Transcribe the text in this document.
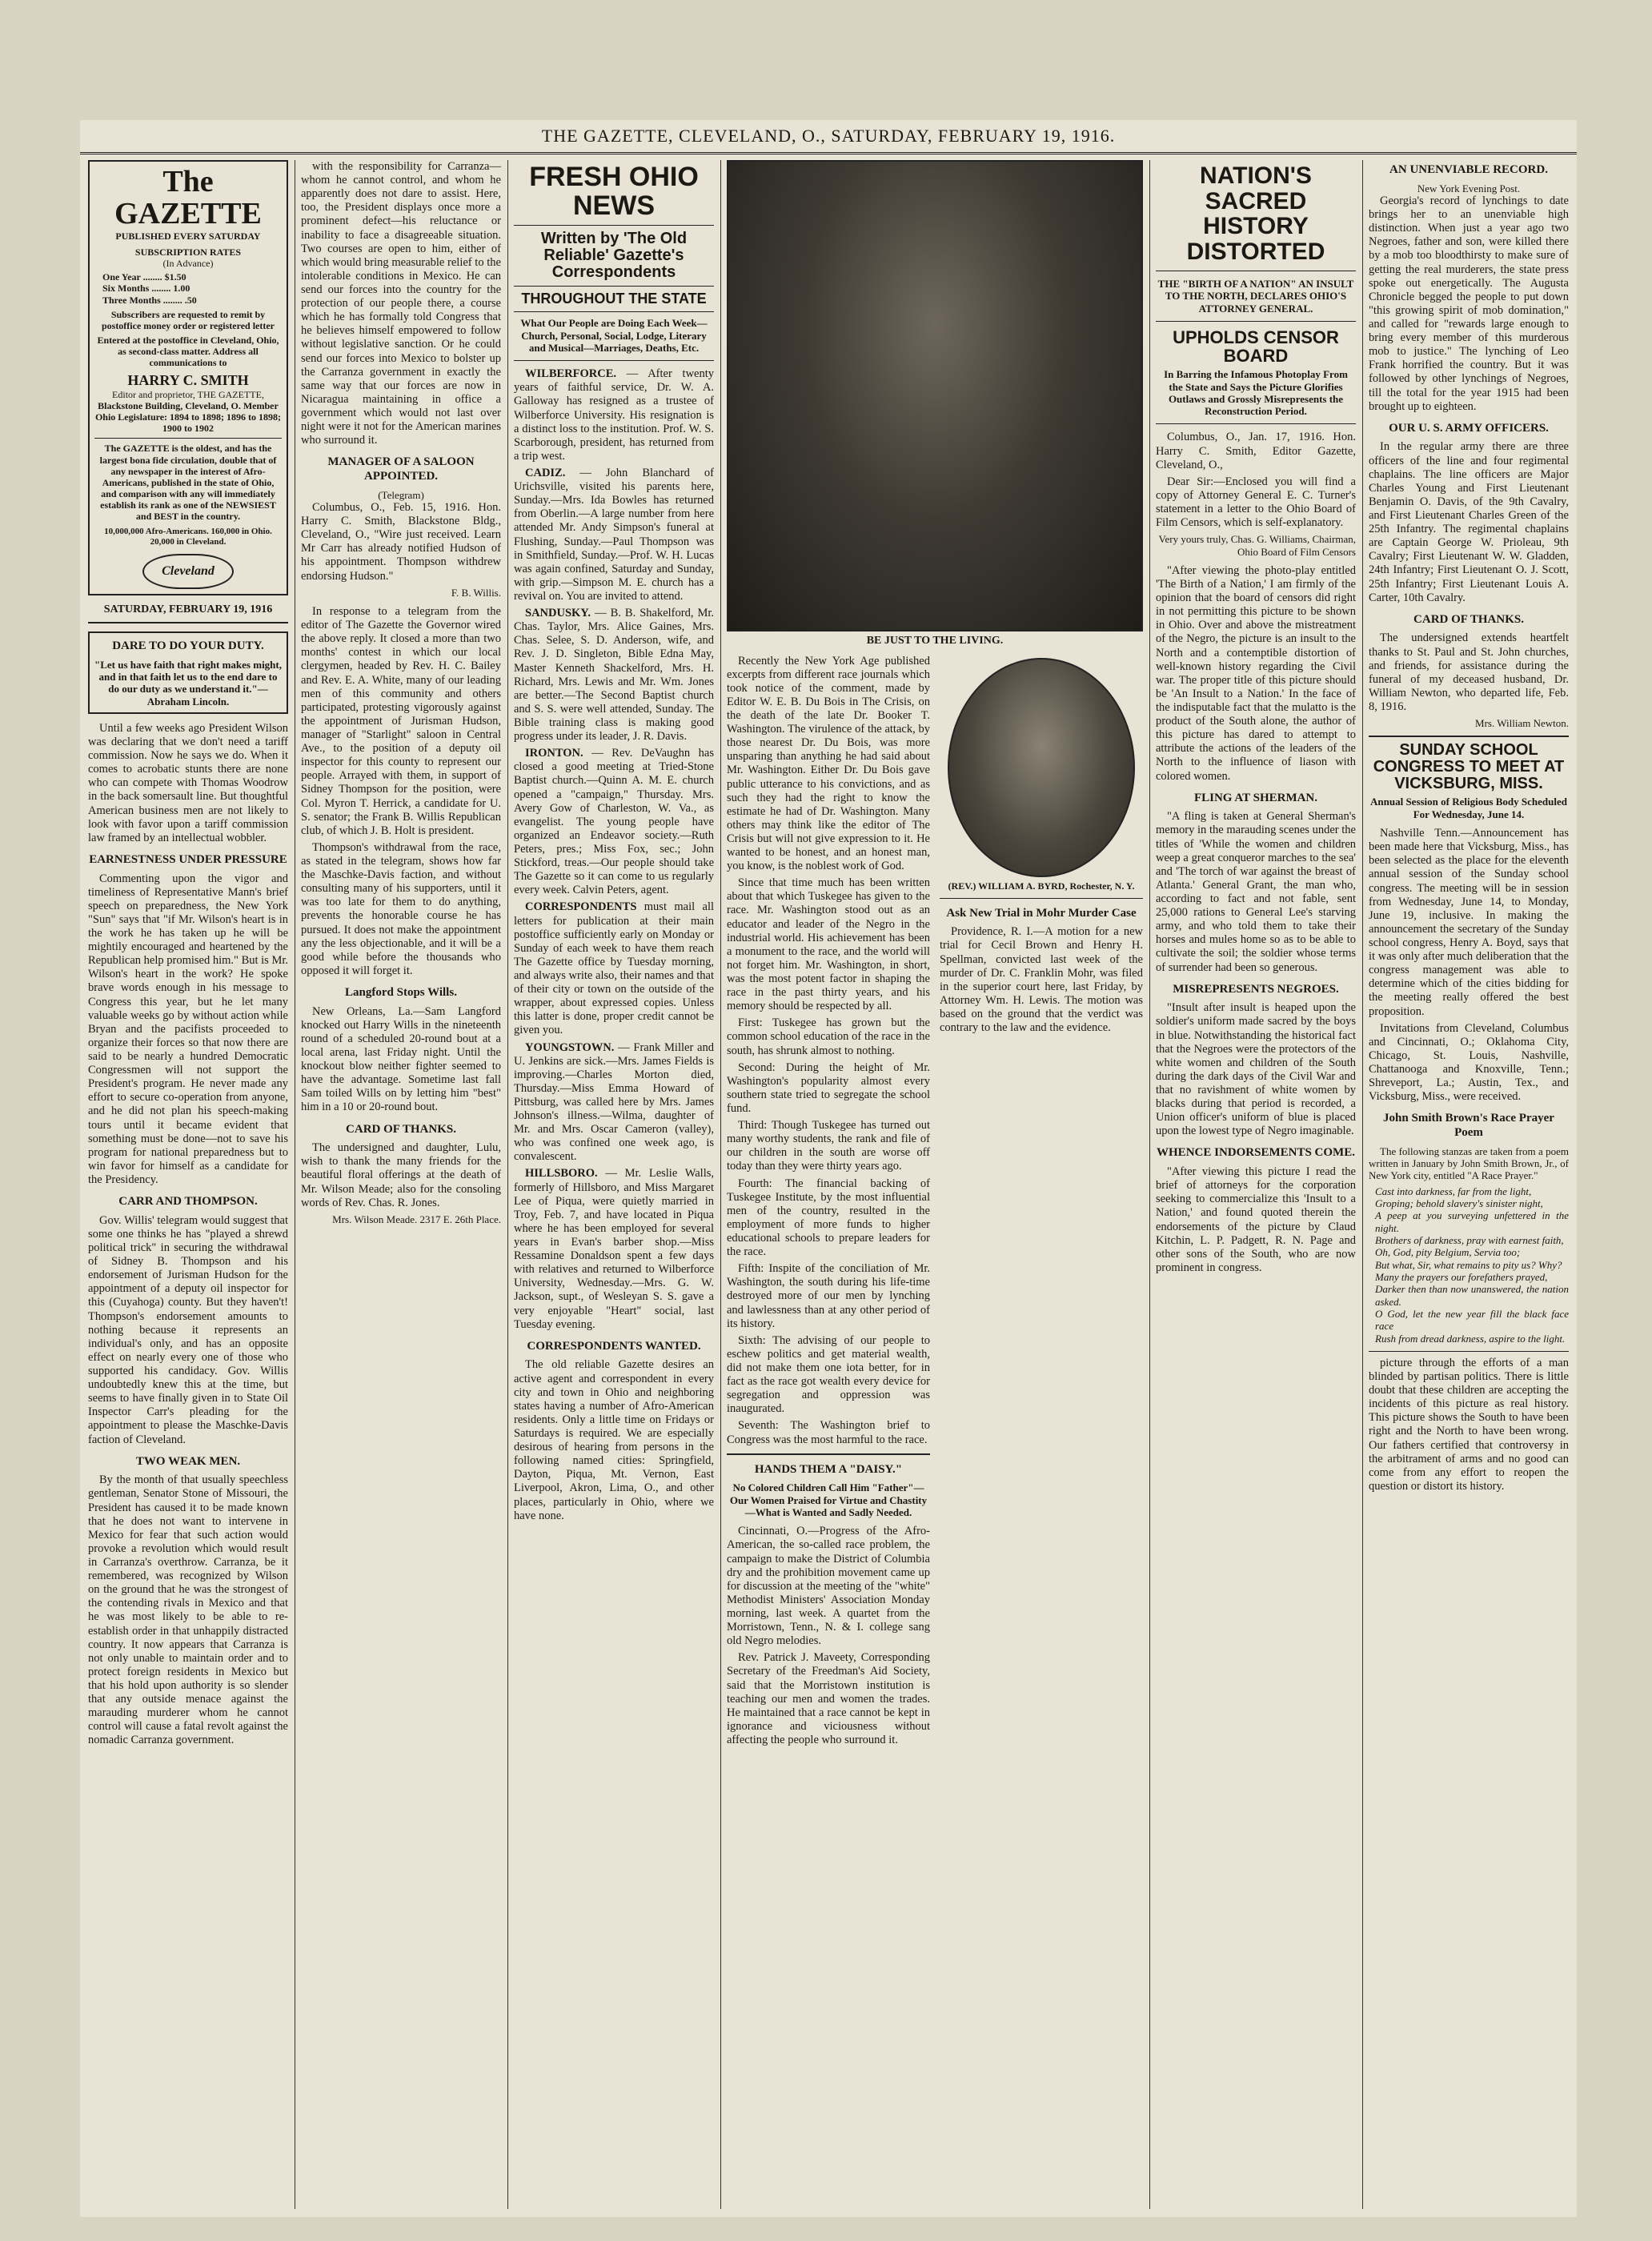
THE GAZETTE, CLEVELAND, O., SATURDAY, FEBRUARY 19, 1916.
The GAZETTE
PUBLISHED EVERY SATURDAY
SUBSCRIPTION RATES
(In Advance)
One Year ........ $1.50
Six Months ........ 1.00
Three Months ........ .50
Subscribers are requested to remit by postoffice money order or registered letter
Entered at the postoffice in Cleveland, Ohio, as second-class matter. Address all communications to
HARRY C. SMITH
Editor and proprietor, THE GAZETTE,
Blackstone Building, Cleveland, O. Member Ohio Legislature: 1894 to 1898; 1896 to 1898; 1900 to 1902
The GAZETTE is the oldest, and has the largest bona fide circulation, double that of any newspaper in the interest of Afro-Americans, published in the state of Ohio, and comparison with any will immediately establish its rank as one of the NEWSIEST and BEST in the country.
10,000,000 Afro-Americans. 160,000 in Ohio. 20,000 in Cleveland.
Cleveland
SATURDAY, FEBRUARY 19, 1916
DARE TO DO YOUR DUTY.
"Let us have faith that right makes might, and in that faith let us to the end dare to do our duty as we understand it."—Abraham Lincoln.

Until a few weeks ago President Wilson was declaring that we don't need a tariff commission. Now he says we do. When it comes to acrobatic stunts there are none who can compete with Thomas Woodrow in the back somersault line. But thoughtful American business men are not likely to look with favor upon a tariff commission law framed by an intellectual wobbler.

EARNESTNESS UNDER PRESSURE

Commenting upon the vigor and timeliness of Representative Mann's brief speech on preparedness, the New York "Sun" says that "if Mr. Wilson's heart is in the work he has taken up he will be mightily encouraged and heartened by the Republican help promised him." But is Mr. Wilson's heart in the work? He spoke brave words enough in his message to Congress this year, but he let many valuable weeks go by without action while Bryan and the pacifists proceeded to organize their forces so that now there are said to be nearly a hundred Democratic Congressmen will not support the President's program. He never made any effort to secure co-operation from anyone, and he did not plan his speech-making tours until it became evident that something must be done—not to save his program for national preparedness but to win favor for himself as a candidate for the Presidency.

CARR AND THOMPSON.

Gov. Willis' telegram would suggest that some one thinks he has "played a shrewd political trick" in securing the withdrawal of Sidney B. Thompson and his endorsement of Jurisman Hudson for the appointment of a deputy oil inspector for this (Cuyahoga) county. But they haven't! Thompson's endorsement amounts to nothing because it represents an individual's only, and has an opposite effect on nearly every one of those who supported his candidacy. Gov. Willis undoubtedly knew this at the time, but seems to have finally given in to State Oil Inspector Carr's pleading for the appointment to please the Maschke-Davis faction of Cleveland.

TWO WEAK MEN.

By the month of that usually speechless gentleman, Senator Stone of Missouri, the President has caused it to be made known that he does not want to intervene in Mexico for fear that such action would provoke a revolution which would result in Carranza's overthrow. Carranza, be it remembered, was recognized by Wilson on the ground that he was the strongest of the contending rivals in Mexico and that he was most likely to be able to re-establish order in that unhappily distracted country. It now appears that Carranza is not only unable to maintain order and to protect foreign residents in Mexico but that his hold upon authority is so slender that any outside menace against the marauding murderer whom he cannot control will cause a fatal revolt against the nomadic Carranza government.

with the responsibility for Carranza—whom he cannot control, and whom he apparently does not dare to assist. Here, too, the President displays once more a prominent defect—his reluctance or inability to face a disagreeable situation. Two courses are open to him, either of which would bring measurable relief to the intolerable conditions in Mexico. He can send our forces into the country for the protection of our people there, a course which he has formally told Congress that he believes himself empowered to follow without legislative sanction. Or he could send our forces into Mexico to bolster up the Carranza government in exactly the same way that our forces are now in Nicaragua maintaining in office a government which would not last over night were it not for the American marines who surround it.

MANAGER OF A SALOON APPOINTED.
(Telegram)

Columbus, O., Feb. 15, 1916. Hon. Harry C. Smith, Blackstone Bldg., Cleveland, O., "Wire just received. Learn Mr Carr has already notified Hudson of his appointment. Thompson withdrew endorsing Hudson."

F. B. Willis.

In response to a telegram from the editor of The Gazette the Governor wired the above reply. It closed a more than two months' contest in which our local clergymen, headed by Rev. H. C. Bailey and Rev. E. A. White, many of our leading men of this community and others participated, protesting vigorously against the appointment of Jurisman Hudson, manager of "Starlight" saloon in Central Ave., to the position of a deputy oil inspector for this county to represent our people. Arrayed with them, in support of Sidney Thompson for the position, were Col. Myron T. Herrick, a candidate for U. S. senator; the Frank B. Willis Republican club, of which J. B. Holt is president.

Thompson's withdrawal from the race, as stated in the telegram, shows how far the Maschke-Davis faction, and without consulting many of his supporters, until it was too late for them to do anything, prevents the honorable course he has pursued. It does not make the appointment any the less objectionable, and it will be a good while before the thousands who opposed it will forget it.

Langford Stops Wills.

New Orleans, La.—Sam Langford knocked out Harry Wills in the nineteenth round of a scheduled 20-round bout at a local arena, last Friday night. Until the knockout blow neither fighter seemed to have the advantage. Sometime last fall Sam toiled Wills on by letting him "best" him in a 10 or 20-round bout.

CARD OF THANKS.

The undersigned and daughter, Lulu, wish to thank the many friends for the beautiful floral offerings at the death of Mr. Wilson Meade; also for the consoling words of Rev. Chas. R. Jones.

Mrs. Wilson Meade. 2317 E. 26th Place.
FRESH OHIO NEWS
Written by 'The Old Reliable' Gazette's Correspondents
THROUGHOUT THE STATE
What Our People are Doing Each Week—Church, Personal, Social, Lodge, Literary and Musical—Marriages, Deaths, Etc.

WILBERFORCE. — After twenty years of faithful service, Dr. W. A. Galloway has resigned as a trustee of Wilberforce University. His resignation is a distinct loss to the institution. Prof. W. S. Scarborough, president, has returned from a trip west.

CADIZ. — John Blanchard of Urichsville, visited his parents here, Sunday.—Mrs. Ida Bowles has returned from Oberlin.—A large number from here attended Mr. Andy Simpson's funeral at Flushing, Sunday.—Paul Thompson was in Smithfield, Sunday.—Prof. W. H. Lucas was again confined, Saturday and Sunday, with grip.—Simpson M. E. church has a revival on. You are invited to attend.

SANDUSKY. — B. B. Shakelford, Mr. Chas. Taylor, Mrs. Alice Gaines, Mrs. Chas. Selee, S. D. Anderson, wife, and Rev. J. D. Singleton, Bible Edna May, Master Kenneth Shackelford, Mrs. H. Richard, Mrs. Lewis and Mr. Wm. Jones are better.—The Second Baptist church and S. S. were well attended, Sunday. The Bible training class is making good progress under its leader, J. R. Davis.

IRONTON. — Rev. DeVaughn has closed a good meeting at Tried-Stone Baptist church.—Quinn A. M. E. church opened a "campaign," Thursday. Mrs. Avery Gow of Charleston, W. Va., as evangelist. The young people have organized an Endeavor society.—Ruth Peters, pres.; Miss Fox, sec.; John Stickford, treas.—Our people should take The Gazette so it can come to us regularly every week. Calvin Peters, agent.

CORRESPONDENTS must mail all letters for publication at their main postoffice sufficiently early on Monday or Sunday of each week to have them reach The Gazette office by Tuesday morning, and always write also, their names and that of their city or town on the outside of the wrapper, about expressed copies. Unless this latter is done, proper credit cannot be given you.

YOUNGSTOWN. — Frank Miller and U. Jenkins are sick.—Mrs. James Fields is improving.—Charles Morton died, Thursday.—Miss Emma Howard of Pittsburg, was called here by Mrs. James Johnson's illness.—Wilma, daughter of Mr. and Mrs. Oscar Cameron (valley), who was confined one week ago, is convalescent.

HILLSBORO. — Mr. Leslie Walls, formerly of Hillsboro, and Miss Margaret Lee of Piqua, were quietly married in Troy, Feb. 7, and have located in Piqua where he has been employed for several years in Evan's barber shop.—Miss Ressamine Donaldson spent a few days with relatives and returned to Wilberforce University, Wednesday.—Mrs. G. W. Jackson, supt., of Wesleyan S. S. gave a very enjoyable "Heart" social, last Tuesday evening.

CORRESPONDENTS WANTED.

The old reliable Gazette desires an active agent and correspondent in every city and town in Ohio and neighboring states having a number of Afro-American residents. Only a little time on Fridays or Saturdays is required. We are especially desirous of hearing from persons in the following named cities: Springfield, Dayton, Piqua, Mt. Vernon, East Liverpool, Akron, Lima, O., and other places, particularly in Ohio, where we have none.

BE JUST TO THE LIVING.

Recently the New York Age published excerpts from different race journals which took notice of the comment, made by Editor W. E. B. Du Bois in The Crisis, on the death of the late Dr. Booker T. Washington. The virulence of the attack, by those nearest Dr. Du Bois, was more unsparing than anything he had said about Mr. Washington. Either Dr. Du Bois gave public utterance to his convictions, and as such they had the right to know the estimate he had of Dr. Washington. Many others may think like the editor of The Crisis but will not give expression to it. He wanted to be honest, and an honest man, you know, is the noblest work of God.

Since that time much has been written about that which Tuskegee has given to the race. Mr. Washington stood out as an educator and leader of the Negro in the industrial world. His achievement has been a monument to the race, and the world will not forget him. Mr. Washington, in short, was the most potent factor in shaping the race in the past thirty years, and his memory should be respected by all.

First: Tuskegee has grown but the common school education of the race in the south, has shrunk almost to nothing.

Second: During the height of Mr. Washington's popularity almost every southern state tried to segregate the school fund.

Third: Though Tuskegee has turned out many worthy students, the rank and file of our children in the south are worse off today than they were thirty years ago.

Fourth: The financial backing of Tuskegee Institute, by the most influential men of the country, resulted in the employment of more funds to higher educational schools to prepare leaders for the race.

Fifth: Inspite of the conciliation of Mr. Washington, the south during his life-time destroyed more of our men by lynching and lawlessness than at any other period of its history.

Sixth: The advising of our people to eschew politics and get material wealth, did not make them one iota better, for in fact as the race got wealth every device for segregation and oppression was inaugurated.

Seventh: The Washington brief to Congress was the most harmful to the race.

HANDS THEM A "DAISY."
No Colored Children Call Him "Father"—Our Women Praised for Virtue and Chastity—What is Wanted and Sadly Needed.

Cincinnati, O.—Progress of the Afro-American, the so-called race problem, the campaign to make the District of Columbia dry and the prohibition movement came up for discussion at the meeting of the "white" Methodist Ministers' Association Monday morning, last week. A quartet from the Morristown, Tenn., N. & I. college sang old Negro melodies.

Rev. Patrick J. Maveety, Corresponding Secretary of the Freedman's Aid Society, said that the Morristown institution is teaching our men and women the trades. He maintained that a race cannot be kept in ignorance and viciousness without affecting the people who surround it.

(REV.) WILLIAM A. BYRD, Rochester, N. Y.
Ask New Trial in Mohr Murder Case

Providence, R. I.—A motion for a new trial for Cecil Brown and Henry H. Spellman, convicted last week of the murder of Dr. C. Franklin Mohr, was filed in the superior court here, last Friday, by Attorney Wm. H. Lewis. The motion was based on the ground that the verdict was contrary to the law and the evidence.

NATION'S SACRED HISTORY DISTORTED
THE "BIRTH OF A NATION" AN INSULT TO THE NORTH, DECLARES OHIO'S ATTORNEY GENERAL.
UPHOLDS CENSOR BOARD
In Barring the Infamous Photoplay From the State and Says the Picture Glorifies Outlaws and Grossly Misrepresents the Reconstruction Period.

Columbus, O., Jan. 17, 1916. Hon. Harry C. Smith, Editor Gazette, Cleveland, O.,

Dear Sir:—Enclosed you will find a copy of Attorney General E. C. Turner's statement in a letter to the Ohio Board of Film Censors, which is self-explanatory.

Very yours truly, Chas. G. Williams, Chairman, Ohio Board of Film Censors

"After viewing the photo-play entitled 'The Birth of a Nation,' I am firmly of the opinion that the board of censors did right in not permitting this picture to be shown in Ohio. Over and above the mistreatment of the Negro, the picture is an insult to the North and a contemptible distortion of well-known history regarding the Civil war. The proper title of this picture should be 'An Insult to a Nation.' In the face of the indisputable fact that the mulatto is the product of the South alone, the author of this picture has dared to attempt to attribute the actions of the leaders of the North to the influence of liason with colored women.

FLING AT SHERMAN.

"A fling is taken at General Sherman's memory in the marauding scenes under the titles of 'While the women and children weep a great conqueror marches to the sea' and 'The torch of war against the breast of Atlanta.' General Grant, the man who, according to fact and not fable, sent 25,000 rations to General Lee's starving army, and who told them to take their horses and mules home so as to be able to cultivate the soil; the soldier whose terms of surrender had been so generous.

MISREPRESENTS NEGROES.

"Insult after insult is heaped upon the soldier's uniform made sacred by the boys in blue. Notwithstanding the historical fact that the Negroes were the protectors of the white women and children of the South during the dark days of the Civil War and that no ravishment of white women by blacks during that period is recorded, a Union officer's uniform of blue is placed upon the lowest type of Negro imaginable.

WHENCE INDORSEMENTS COME.

"After viewing this picture I read the brief of attorneys for the corporation seeking to commercialize this 'Insult to a Nation,' and found quoted therein the endorsements of the picture by Claud Kitchin, L. P. Padgett, R. N. Page and other sons of the South, who are now prominent in congress.

AN UNENVIABLE RECORD.
New York Evening Post.

Georgia's record of lynchings to date brings her to an unenviable high distinction. When just a year ago two Negroes, father and son, were killed there by a mob too bloodthirsty to make sure of getting the real murderers, the state press spoke out energetically. The Augusta Chronicle begged the people to put down "this growing spirit of mob domination," and called for "rewards large enough to bring every member of this murderous mob to justice." The lynching of Leo Frank horrified the country. But it was followed by other lynchings of Negroes, till the total for the year 1915 had been brought up to eighteen.

OUR U. S. ARMY OFFICERS.

In the regular army there are three officers of the line and four regimental chaplains. The line officers are Major Charles Young and First Lieutenant Benjamin O. Davis, of the 9th Cavalry, and First Lieutenant Charles Green of the 25th Infantry. The regimental chaplains are Captain George W. Prioleau, 9th Cavalry; First Lieutenant W. W. Gladden, 24th Infantry; First Lieutenant O. J. Scott, 25th Infantry; First Lieutenant Louis A. Carter, 10th Cavalry.

CARD OF THANKS.

The undersigned extends heartfelt thanks to St. Paul and St. John churches, and friends, for assistance during the funeral of my deceased husband, Dr. William Newton, who departed life, Feb. 8, 1916.

Mrs. William Newton.
SUNDAY SCHOOL CONGRESS TO MEET AT VICKSBURG, MISS.
Annual Session of Religious Body Scheduled For Wednesday, June 14.

Nashville Tenn.—Announcement has been made here that Vicksburg, Miss., has been selected as the place for the eleventh annual session of the Sunday school congress. The meeting will be in session from Wednesday, June 14, to Monday, June 19, inclusive. In making the announcement the secretary of the Sunday school congress, Henry A. Boyd, says that it was only after much deliberation that the congress management was able to determine which of the cities bidding for the meeting really offered the best proposition.

Invitations from Cleveland, Columbus and Cincinnati, O.; Oklahoma City, Chicago, St. Louis, Nashville, Chattanooga and Knoxville, Tenn.; Shreveport, La.; Austin, Tex., and Vicksburg, Miss., were received.

John Smith Brown's Race Prayer Poem

The following stanzas are taken from a poem written in January by John Smith Brown, Jr., of New York city, entitled "A Race Prayer."

Cast into darkness, far from the light,
Groping; behold slavery's sinister night,
A peep at you surveying unfettered in the night.
Brothers of darkness, pray with earnest faith,
Oh, God, pity Belgium, Servia too;
But what, Sir, what remains to pity us? Why?
Many the prayers our forefathers prayed,
Darker then than now unanswered, the nation asked.
O God, let the new year fill the black face race
Rush from dread darkness, aspire to the light.

picture through the efforts of a man blinded by partisan politics. There is little doubt that these children are accepting the incidents of this picture as real history. This picture shows the South to have been right and the North to have been wrong. Our fathers certified that controversy in the arbitrament of arms and no good can come from any effort to reopen the question or distort its history.
